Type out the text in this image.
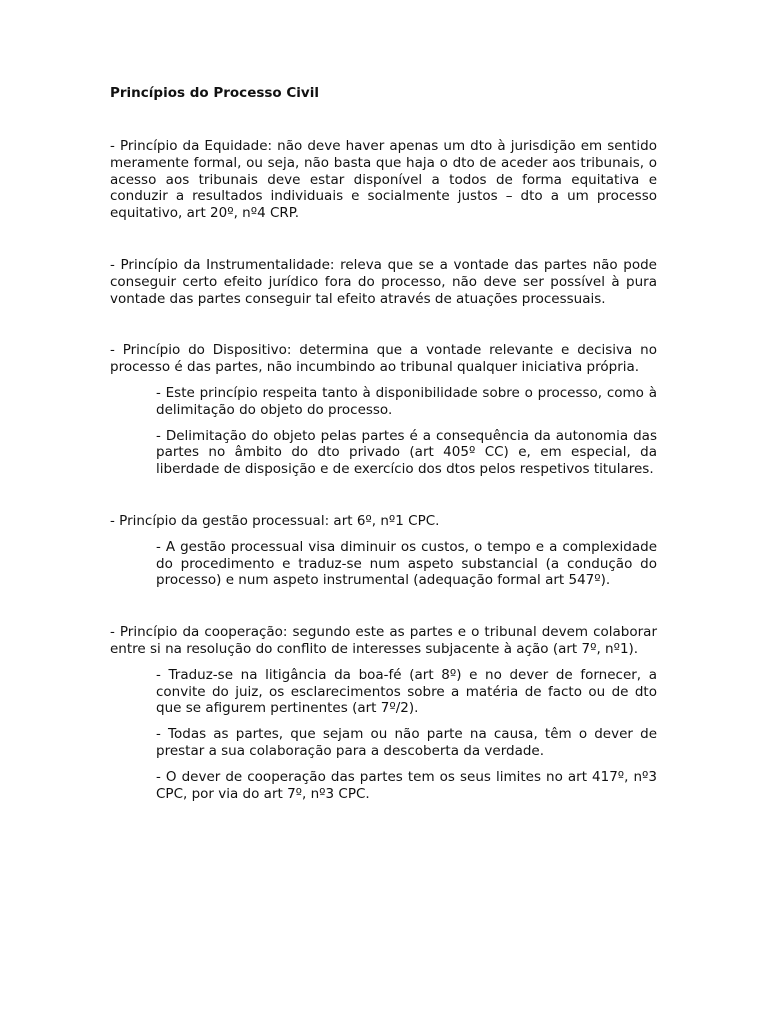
Princípios do Processo Civil

- Princípio da Equidade: não deve haver apenas um dto à jurisdição em sentido meramente formal, ou seja, não basta que haja o dto de aceder aos tribunais, o acesso aos tribunais deve estar disponível a todos de forma equitativa e conduzir a resultados individuais e socialmente justos – dto a um processo equitativo, art 20º, nº4 CRP.

- Princípio da Instrumentalidade: releva que se a vontade das partes não pode conseguir certo efeito jurídico fora do processo, não deve ser possível à pura vontade das partes conseguir tal efeito através de atuações processuais.

- Princípio do Dispositivo: determina que a vontade relevante e decisiva no processo é das partes, não incumbindo ao tribunal qualquer iniciativa própria.

- Este princípio respeita tanto à disponibilidade sobre o processo, como à delimitação do objeto do processo.

- Delimitação do objeto pelas partes é a consequência da autonomia das partes no âmbito do dto privado (art 405º CC) e, em especial, da liberdade de disposição e de exercício dos dtos pelos respetivos titulares.

- Princípio da gestão processual: art 6º, nº1 CPC.

- A gestão processual visa diminuir os custos, o tempo e a complexidade do procedimento e traduz-se num aspeto substancial (a condução do processo) e num aspeto instrumental (adequação formal art 547º).

- Princípio da cooperação: segundo este as partes e o tribunal devem colaborar entre si na resolução do conflito de interesses subjacente à ação (art 7º, nº1).

- Traduz-se na litigância da boa-fé (art 8º) e no dever de fornecer, a convite do juiz, os esclarecimentos sobre a matéria de facto ou de dto que se afigurem pertinentes (art 7º/2).

- Todas as partes, que sejam ou não parte na causa, têm o dever de prestar a sua colaboração para a descoberta da verdade.

- O dever de cooperação das partes tem os seus limites no art 417º, nº3 CPC, por via do art 7º, nº3 CPC.
